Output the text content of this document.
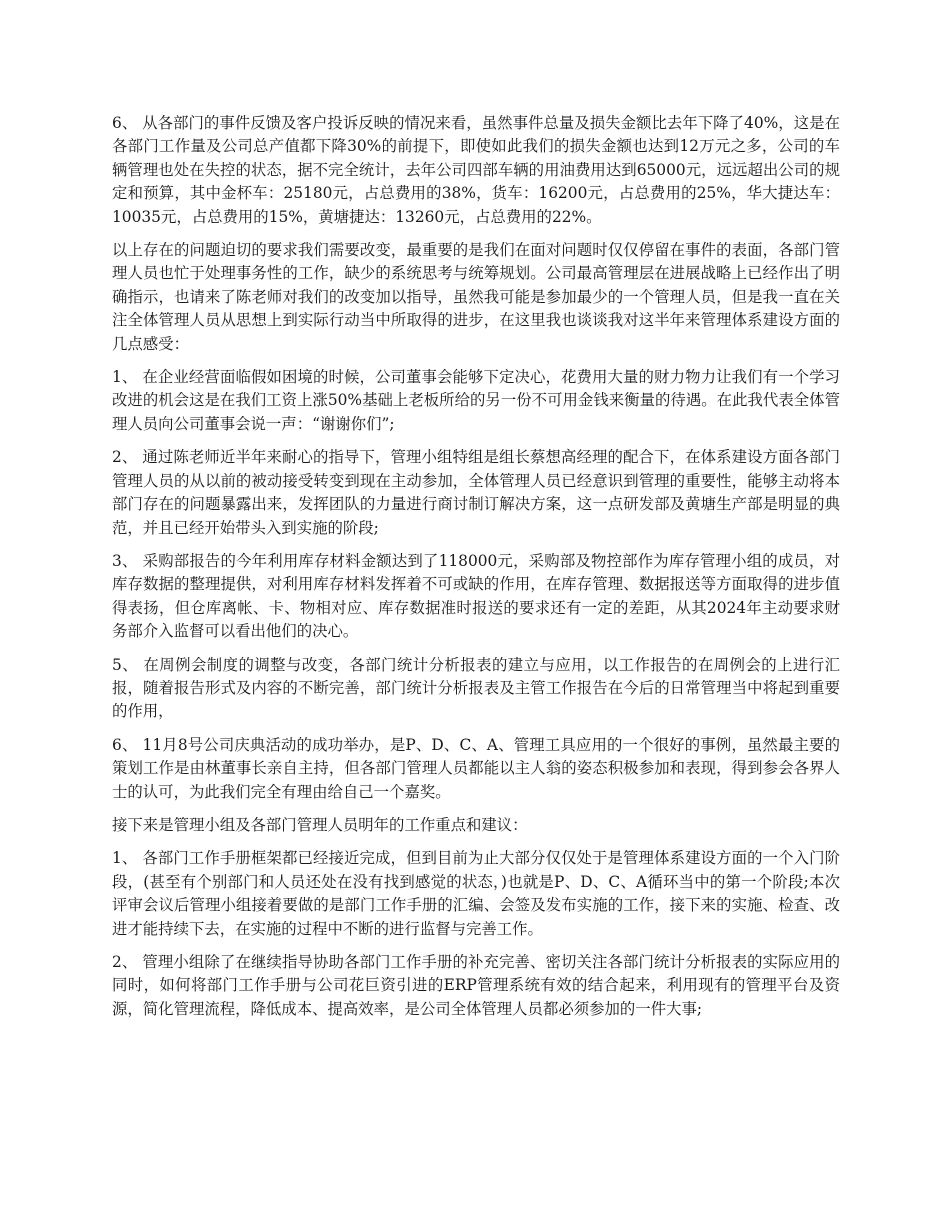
6、 从各部门的事件反馈及客户投诉反映的情况来看，虽然事件总量及损失金额比去年下降了40%，这是在各部门工作量及公司总产值都下降30%的前提下，即使如此我们的损失金额也达到12万元之多，公司的车辆管理也处在失控的状态，据不完全统计，去年公司四部车辆的用油费用达到65000元，远远超出公司的规定和预算，其中金杯车：25180元，占总费用的38%，货车：16200元，占总费用的25%，华大捷达车：10035元，占总费用的15%，黄塘捷达：13260元，占总费用的22%。

以上存在的问题迫切的要求我们需要改变，最重要的是我们在面对问题时仅仅停留在事件的表面，各部门管理人员也忙于处理事务性的工作，缺少的系统思考与统筹规划。公司最高管理层在进展战略上已经作出了明确指示，也请来了陈老师对我们的改变加以指导，虽然我可能是参加最少的一个管理人员，但是我一直在关注全体管理人员从思想上到实际行动当中所取得的进步，在这里我也谈谈我对这半年来管理体系建设方面的几点感受：

1、 在企业经营面临假如困境的时候，公司董事会能够下定决心，花费用大量的财力物力让我们有一个学习改进的机会这是在我们工资上涨50%基础上老板所给的另一份不可用金钱来衡量的待遇。在此我代表全体管理人员向公司董事会说一声：“谢谢你们”;

2、 通过陈老师近半年来耐心的指导下，管理小组特组是组长蔡想高经理的配合下，在体系建设方面各部门管理人员的从以前的被动接受转变到现在主动参加，全体管理人员已经意识到管理的重要性，能够主动将本部门存在的问题暴露出来，发挥团队的力量进行商讨制订解决方案，这一点研发部及黄塘生产部是明显的典范，并且已经开始带头入到实施的阶段;

3、 采购部报告的今年利用库存材料金额达到了118000元，采购部及物控部作为库存管理小组的成员，对库存数据的整理提供，对利用库存材料发挥着不可或缺的作用，在库存管理、数据报送等方面取得的进步值得表扬，但仓库离帐、卡、物相对应、库存数据准时报送的要求还有一定的差距，从其2024年主动要求财务部介入监督可以看出他们的决心。

5、 在周例会制度的调整与改变，各部门统计分析报表的建立与应用，以工作报告的在周例会的上进行汇报，随着报告形式及内容的不断完善，部门统计分析报表及主管工作报告在今后的日常管理当中将起到重要的作用，

6、 11月8号公司庆典活动的成功举办，是P、D、C、A、管理工具应用的一个很好的事例，虽然最主要的策划工作是由林董事长亲自主持，但各部门管理人员都能以主人翁的姿态积极参加和表现，得到参会各界人士的认可，为此我们完全有理由给自己一个嘉奖。

接下来是管理小组及各部门管理人员明年的工作重点和建议：

1、 各部门工作手册框架都已经接近完成，但到目前为止大部分仅仅处于是管理体系建设方面的一个入门阶段，(甚至有个别部门和人员还处在没有找到感觉的状态，)也就是P、D、C、A循环当中的第一个阶段;本次评审会议后管理小组接着要做的是部门工作手册的汇编、会签及发布实施的工作，接下来的实施、检查、改进才能持续下去，在实施的过程中不断的进行监督与完善工作。

2、 管理小组除了在继续指导协助各部门工作手册的补充完善、密切关注各部门统计分析报表的实际应用的同时，如何将部门工作手册与公司花巨资引进的ERP管理系统有效的结合起来，利用现有的管理平台及资源，简化管理流程，降低成本、提高效率，是公司全体管理人员都必须参加的一件大事;
